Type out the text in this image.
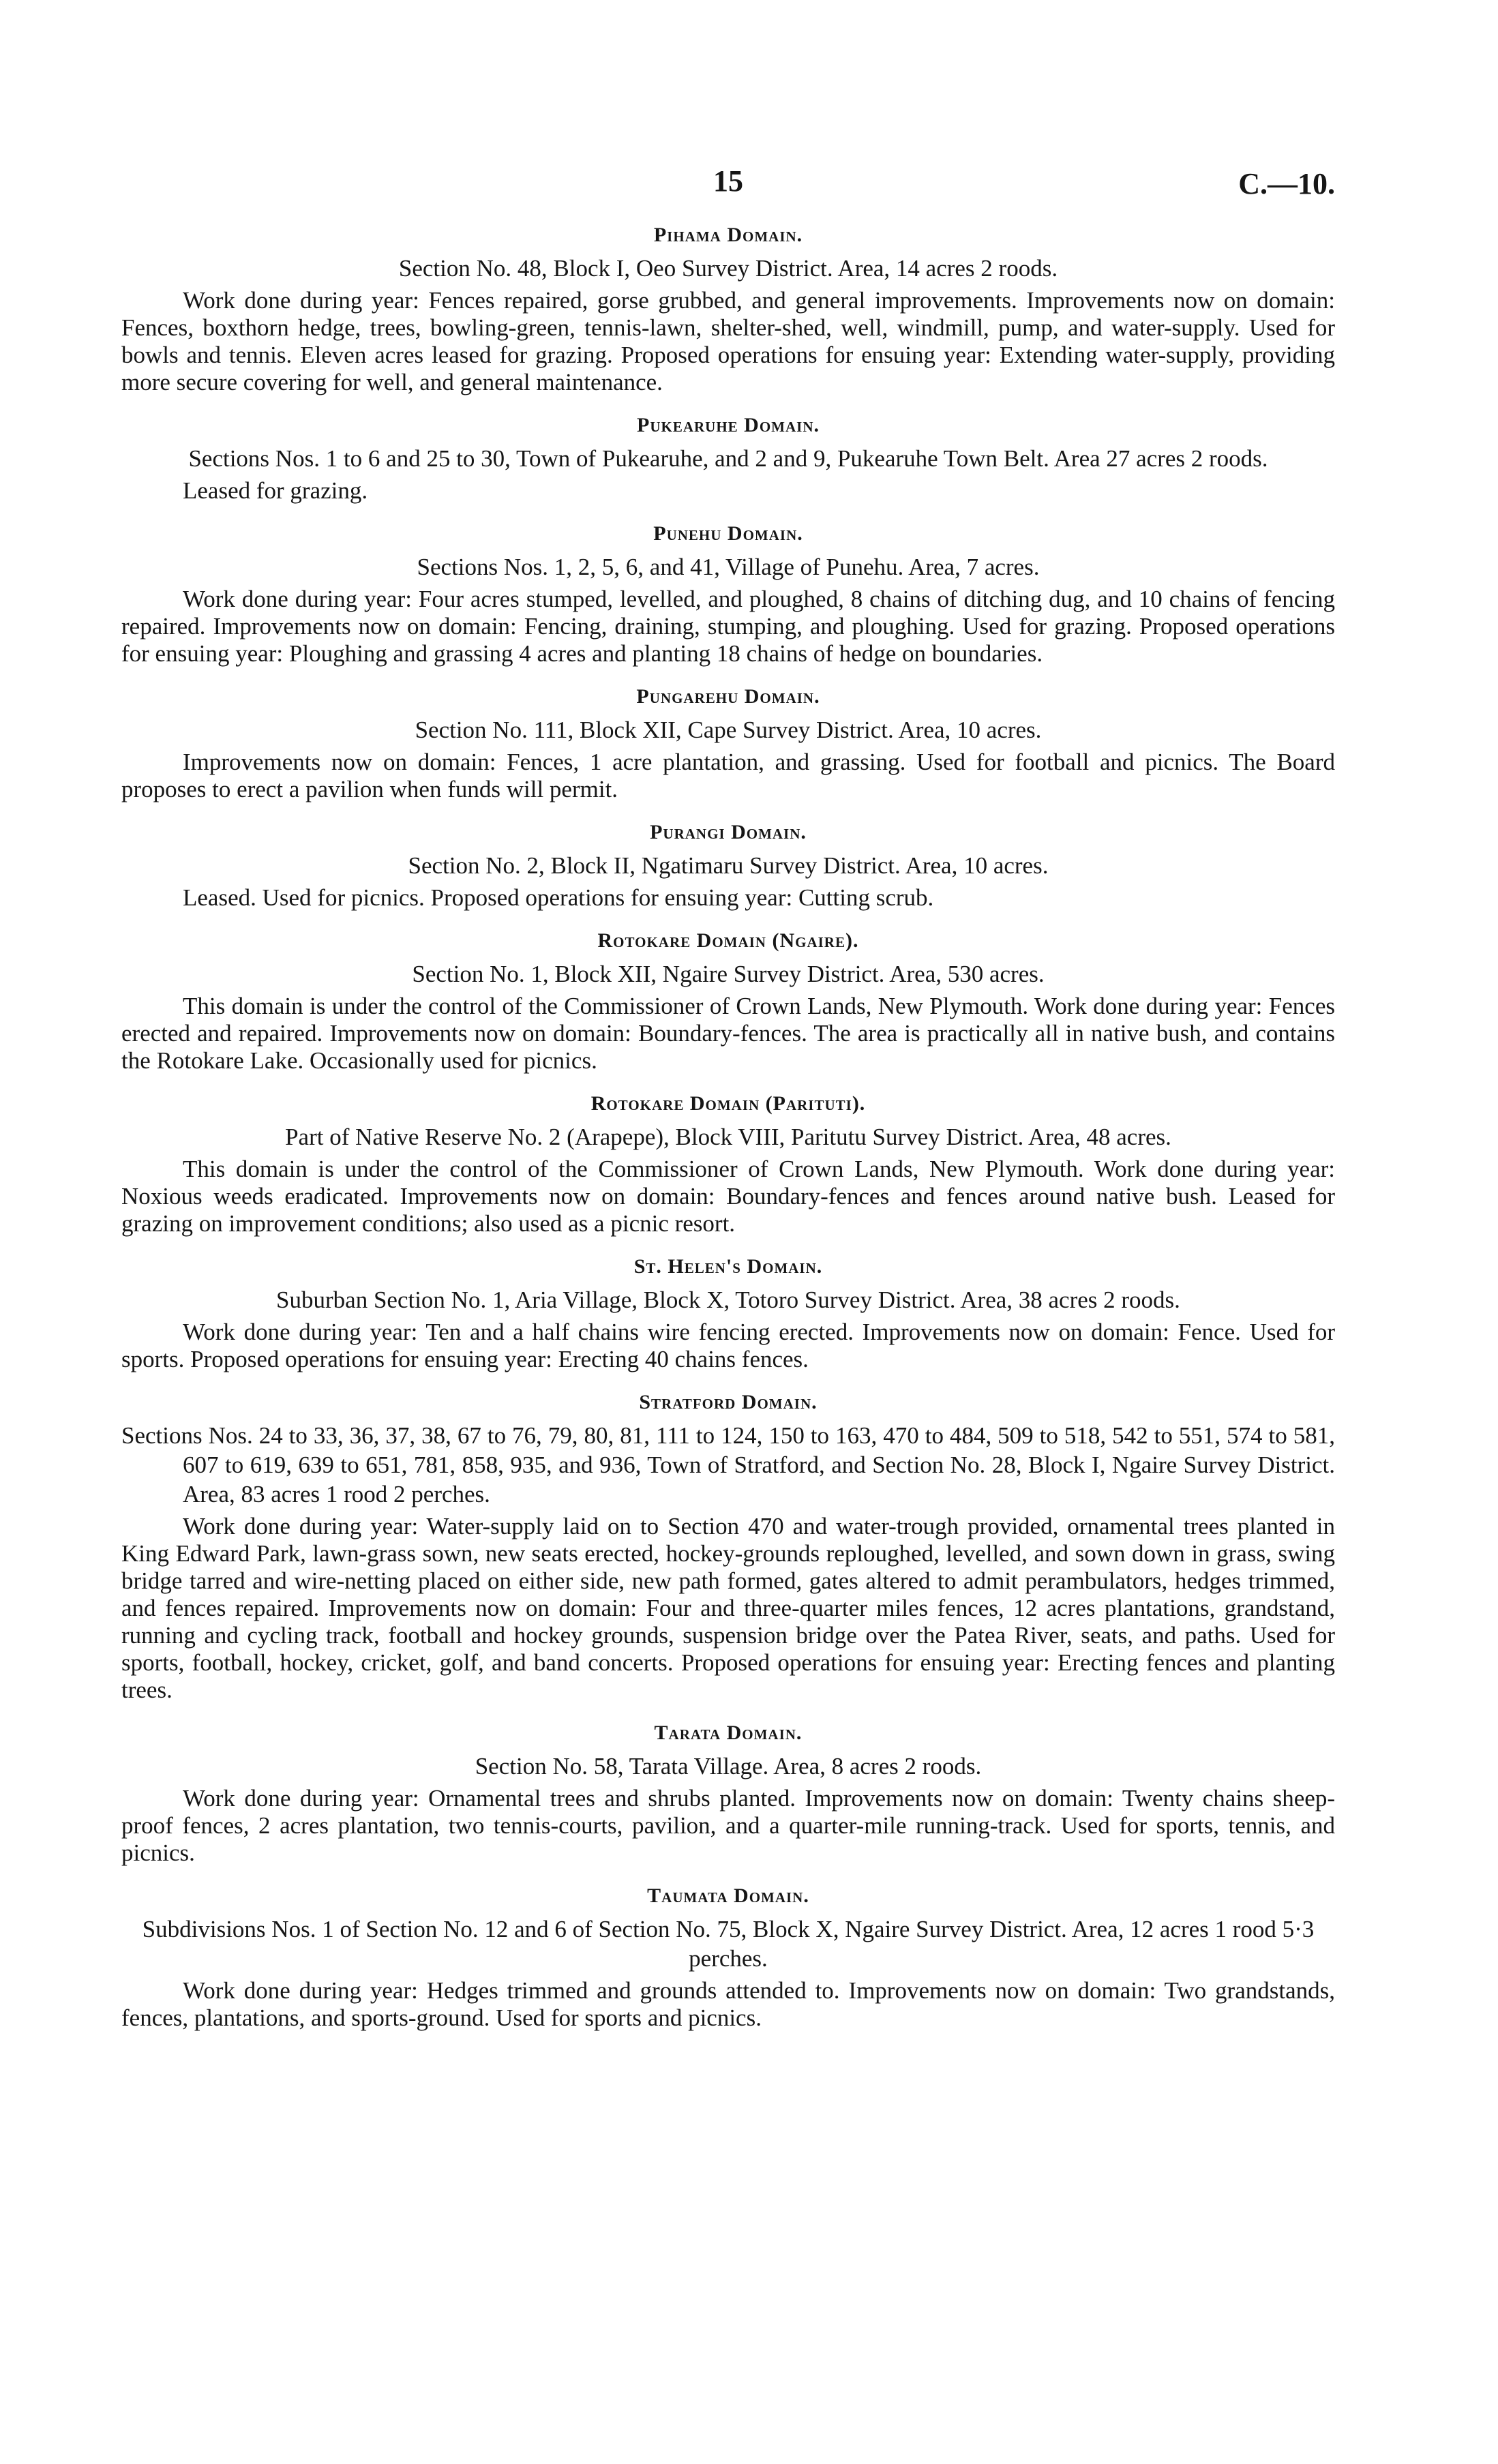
15	C.—10.
Pihama Domain.
Section No. 48, Block I, Oeo Survey District. Area, 14 acres 2 roods.

Work done during year: Fences repaired, gorse grubbed, and general improvements. Improvements now on domain: Fences, boxthorn hedge, trees, bowling-green, tennis-lawn, shelter-shed, well, windmill, pump, and water-supply. Used for bowls and tennis. Eleven acres leased for grazing. Proposed operations for ensuing year: Extending water-supply, providing more secure covering for well, and general maintenance.

Pukearuhe Domain.
Sections Nos. 1 to 6 and 25 to 30, Town of Pukearuhe, and 2 and 9, Pukearuhe Town Belt. Area 27 acres 2 roods.

Leased for grazing.

Punehu Domain.
Sections Nos. 1, 2, 5, 6, and 41, Village of Punehu. Area, 7 acres.

Work done during year: Four acres stumped, levelled, and ploughed, 8 chains of ditching dug, and 10 chains of fencing repaired. Improvements now on domain: Fencing, draining, stumping, and ploughing. Used for grazing. Proposed operations for ensuing year: Ploughing and grassing 4 acres and planting 18 chains of hedge on boundaries.

Pungarehu Domain.
Section No. 111, Block XII, Cape Survey District. Area, 10 acres.

Improvements now on domain: Fences, 1 acre plantation, and grassing. Used for football and picnics. The Board proposes to erect a pavilion when funds will permit.

Purangi Domain.
Section No. 2, Block II, Ngatimaru Survey District. Area, 10 acres.

Leased. Used for picnics. Proposed operations for ensuing year: Cutting scrub.

Rotokare Domain (Ngaire).
Section No. 1, Block XII, Ngaire Survey District. Area, 530 acres.

This domain is under the control of the Commissioner of Crown Lands, New Plymouth. Work done during year: Fences erected and repaired. Improvements now on domain: Boundary-fences. The area is practically all in native bush, and contains the Rotokare Lake. Occasionally used for picnics.

Rotokare Domain (Parituti).
Part of Native Reserve No. 2 (Arapepe), Block VIII, Paritutu Survey District. Area, 48 acres.

This domain is under the control of the Commissioner of Crown Lands, New Plymouth. Work done during year: Noxious weeds eradicated. Improvements now on domain: Boundary-fences and fences around native bush. Leased for grazing on improvement conditions; also used as a picnic resort.

St. Helen's Domain.
Suburban Section No. 1, Aria Village, Block X, Totoro Survey District. Area, 38 acres 2 roods.

Work done during year: Ten and a half chains wire fencing erected. Improvements now on domain: Fence. Used for sports. Proposed operations for ensuing year: Erecting 40 chains fences.

Stratford Domain.
Sections Nos. 24 to 33, 36, 37, 38, 67 to 76, 79, 80, 81, 111 to 124, 150 to 163, 470 to 484, 509 to 518, 542 to 551, 574 to 581, 607 to 619, 639 to 651, 781, 858, 935, and 936, Town of Stratford, and Section No. 28, Block I, Ngaire Survey District. Area, 83 acres 1 rood 2 perches.

Work done during year: Water-supply laid on to Section 470 and water-trough provided, ornamental trees planted in King Edward Park, lawn-grass sown, new seats erected, hockey-grounds reploughed, levelled, and sown down in grass, swing bridge tarred and wire-netting placed on either side, new path formed, gates altered to admit perambulators, hedges trimmed, and fences repaired. Improvements now on domain: Four and three-quarter miles fences, 12 acres plantations, grandstand, running and cycling track, football and hockey grounds, suspension bridge over the Patea River, seats, and paths. Used for sports, football, hockey, cricket, golf, and band concerts. Proposed operations for ensuing year: Erecting fences and planting trees.

Tarata Domain.
Section No. 58, Tarata Village. Area, 8 acres 2 roods.

Work done during year: Ornamental trees and shrubs planted. Improvements now on domain: Twenty chains sheep-proof fences, 2 acres plantation, two tennis-courts, pavilion, and a quarter-mile running-track. Used for sports, tennis, and picnics.

Taumata Domain.
Subdivisions Nos. 1 of Section No. 12 and 6 of Section No. 75, Block X, Ngaire Survey District. Area, 12 acres 1 rood 5·3 perches.

Work done during year: Hedges trimmed and grounds attended to. Improvements now on domain: Two grandstands, fences, plantations, and sports-ground. Used for sports and picnics.
